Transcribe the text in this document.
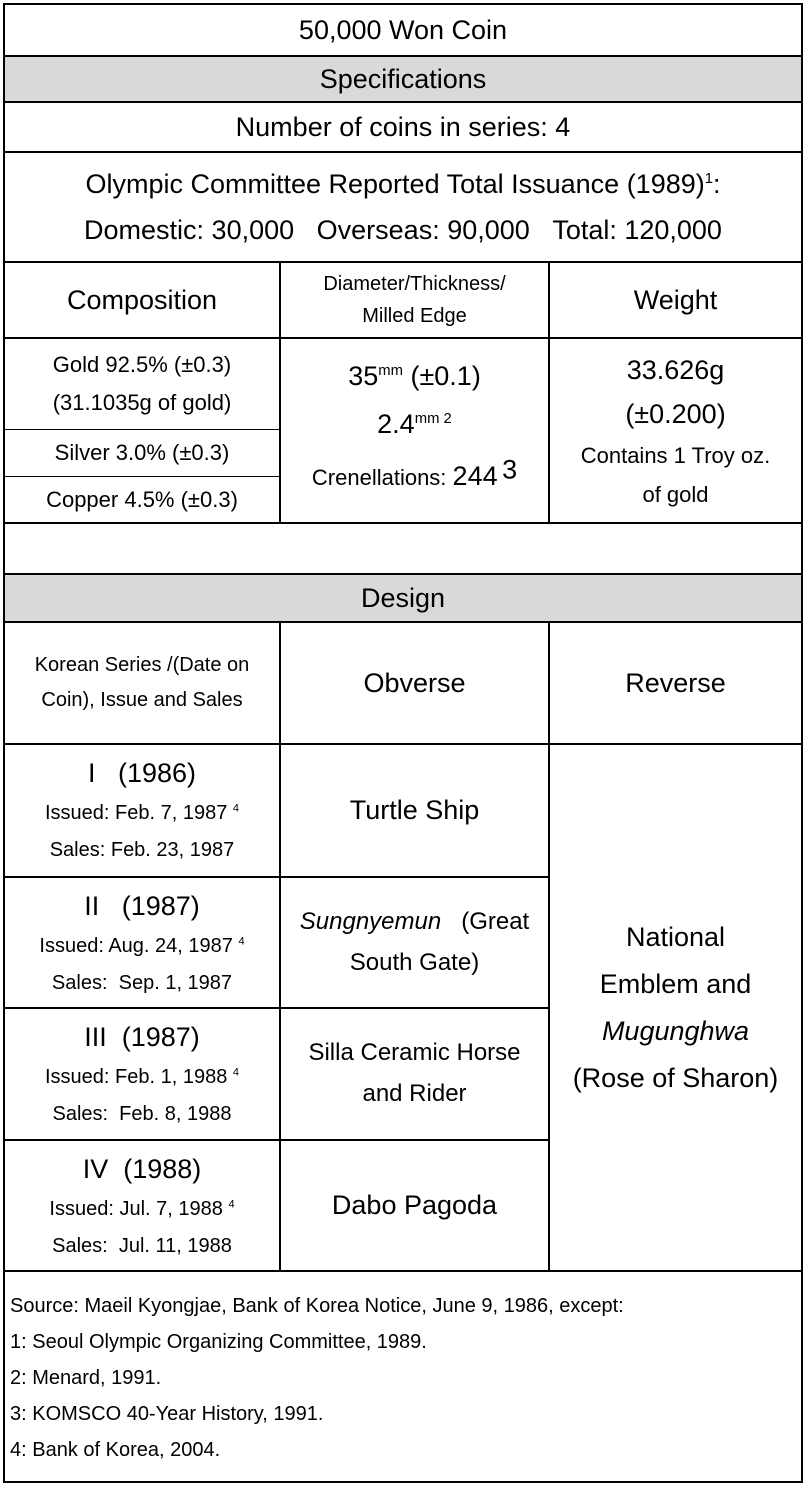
50,000 Won Coin
Specifications
Number of coins in series: 4
Olympic Committee Reported Total Issuance $(1989)^1$:
Domestic: 30,000 Overseas: 90,000 Total: 120,000
Composition
Diameter/Thickness/
Milled Edge
Weight
Gold 92.5% (±0.3)
(31.1035g of gold)
Silver 3.0% (±0.3)
Copper 4.5% (±0.3)
$35^{mm}$ (±0.1)
$2.4^{mm}$ $^2$
Crenellations: 244 $^3$
33.626g
(±0.200)
Contains 1 Troy oz.
of gold
Design
Korean Series /(Date on
Coin), Issue and Sales
Obverse	Reverse
I   (1986)
Issued: Feb. 7, 1987 $^4$
Sales: Feb. 23, 1987
Turtle Ship
II   (1987)
Issued: Aug. 24, 1987 $^4$
Sales:  Sep. 1, 1987
Sungnyemun   (Great
South Gate)
III  (1987)
Issued: Feb. 1, 1988 $^4$
Sales:  Feb. 8, 1988
Silla Ceramic Horse
and Rider
IV  (1988)
Issued: Jul. 7, 1988 $^4$
Sales:  Jul. 11, 1988
Dabo Pagoda
National
Emblem and
Mugunghwa
(Rose of Sharon)
Source: Maeil Kyongjae, Bank of Korea Notice, June 9, 1986, except:
1: Seoul Olympic Organizing Committee, 1989.
2: Menard, 1991.
3: KOMSCO 40-Year History, 1991.
4: Bank of Korea, 2004.
